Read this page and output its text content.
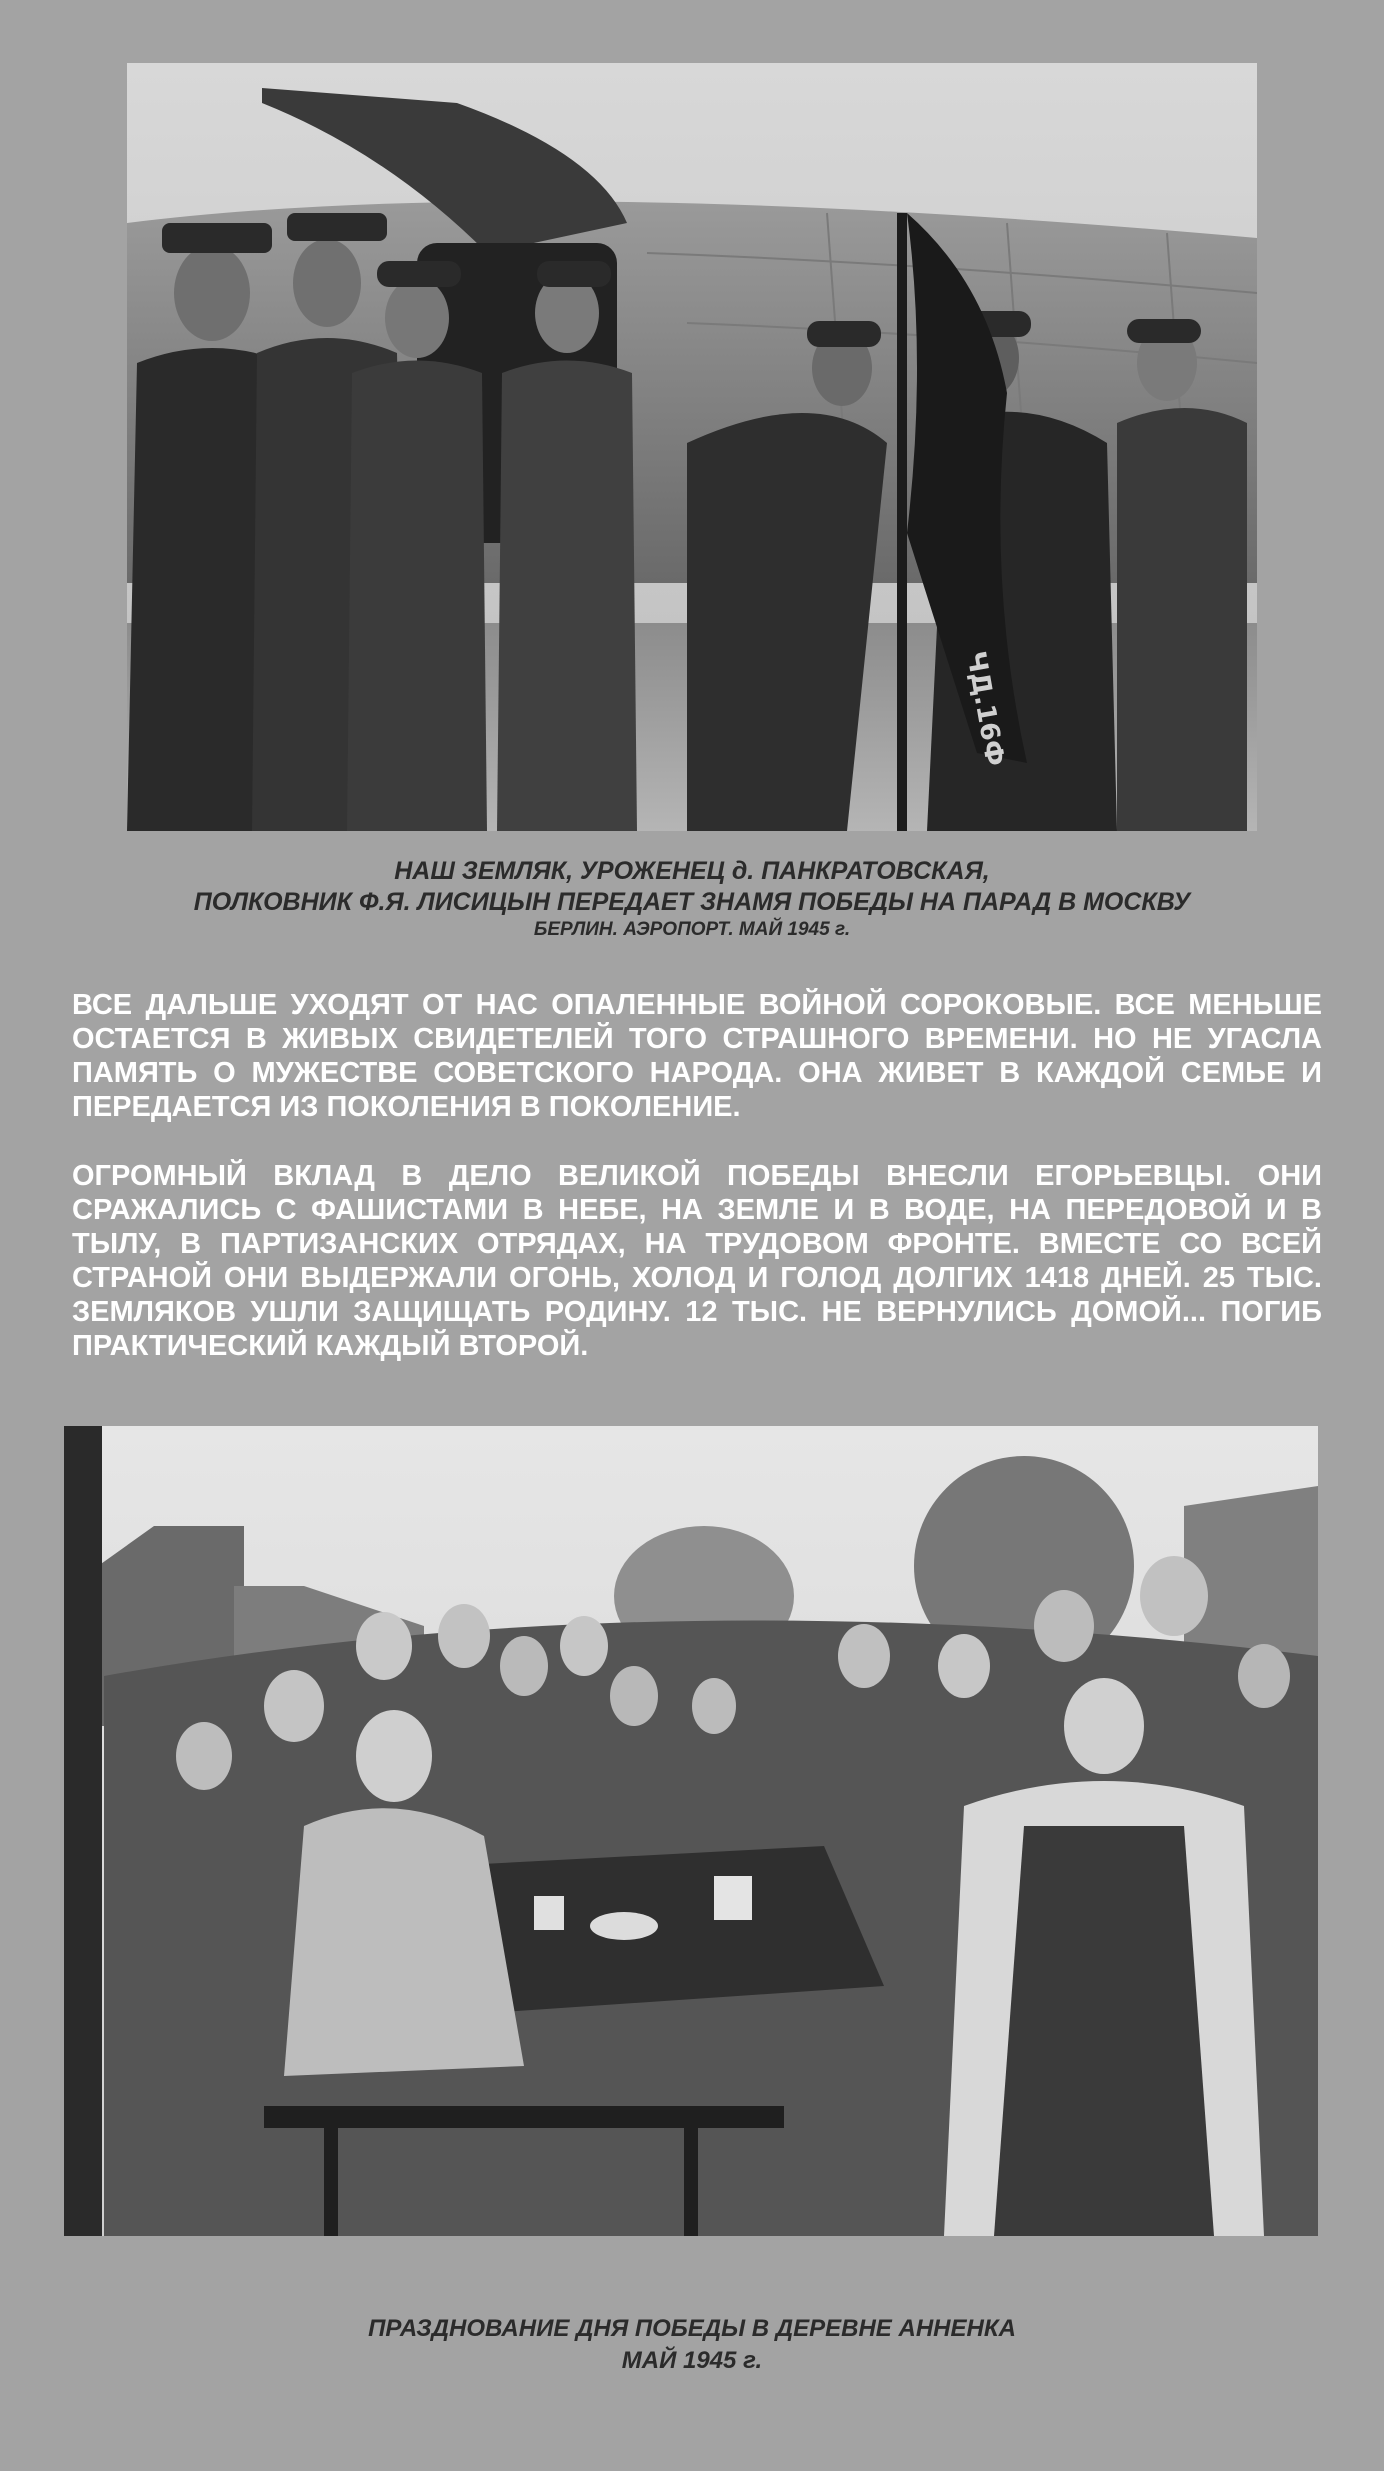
ЧД.16Ф
НАШ ЗЕМЛЯК, УРОЖЕНЕЦ д. ПАНКРАТОВСКАЯ,
ПОЛКОВНИК Ф.Я. ЛИСИЦЫН ПЕРЕДАЕТ ЗНАМЯ ПОБЕДЫ НА ПАРАД В МОСКВУ
БЕРЛИН. АЭРОПОРТ. МАЙ 1945 г.

ВСЕ ДАЛЬШЕ УХОДЯТ ОТ НАС ОПАЛЕННЫЕ ВОЙНОЙ СОРОКОВЫЕ. ВСЕ МЕНЬШЕ ОСТАЕТСЯ В ЖИВЫХ СВИДЕТЕЛЕЙ ТОГО СТРАШНОГО ВРЕМЕНИ. НО НЕ УГАСЛА ПАМЯТЬ О МУЖЕСТВЕ СОВЕТСКОГО НАРОДА. ОНА ЖИВЕТ В КАЖДОЙ СЕМЬЕ И ПЕРЕДАЕТСЯ ИЗ ПОКОЛЕНИЯ В ПОКОЛЕНИЕ.

ОГРОМНЫЙ ВКЛАД В ДЕЛО ВЕЛИКОЙ ПОБЕДЫ ВНЕСЛИ ЕГОРЬЕВЦЫ. ОНИ СРАЖАЛИСЬ С ФАШИСТАМИ В НЕБЕ, НА ЗЕМЛЕ И В ВОДЕ, НА ПЕРЕДОВОЙ И В ТЫЛУ, В ПАРТИЗАНСКИХ ОТРЯДАХ, НА ТРУДОВОМ ФРОНТЕ. ВМЕСТЕ СО ВСЕЙ СТРАНОЙ ОНИ ВЫДЕРЖАЛИ ОГОНЬ, ХОЛОД И ГОЛОД ДОЛГИХ 1418 ДНЕЙ. 25 ТЫС. ЗЕМЛЯКОВ УШЛИ ЗАЩИЩАТЬ РОДИНУ. 12 ТЫС. НЕ ВЕРНУЛИСЬ ДОМОЙ... ПОГИБ ПРАКТИЧЕСКИЙ КАЖДЫЙ ВТОРОЙ.

ПРАЗДНОВАНИЕ ДНЯ ПОБЕДЫ В ДЕРЕВНЕ АННЕНКА
МАЙ 1945 г.
